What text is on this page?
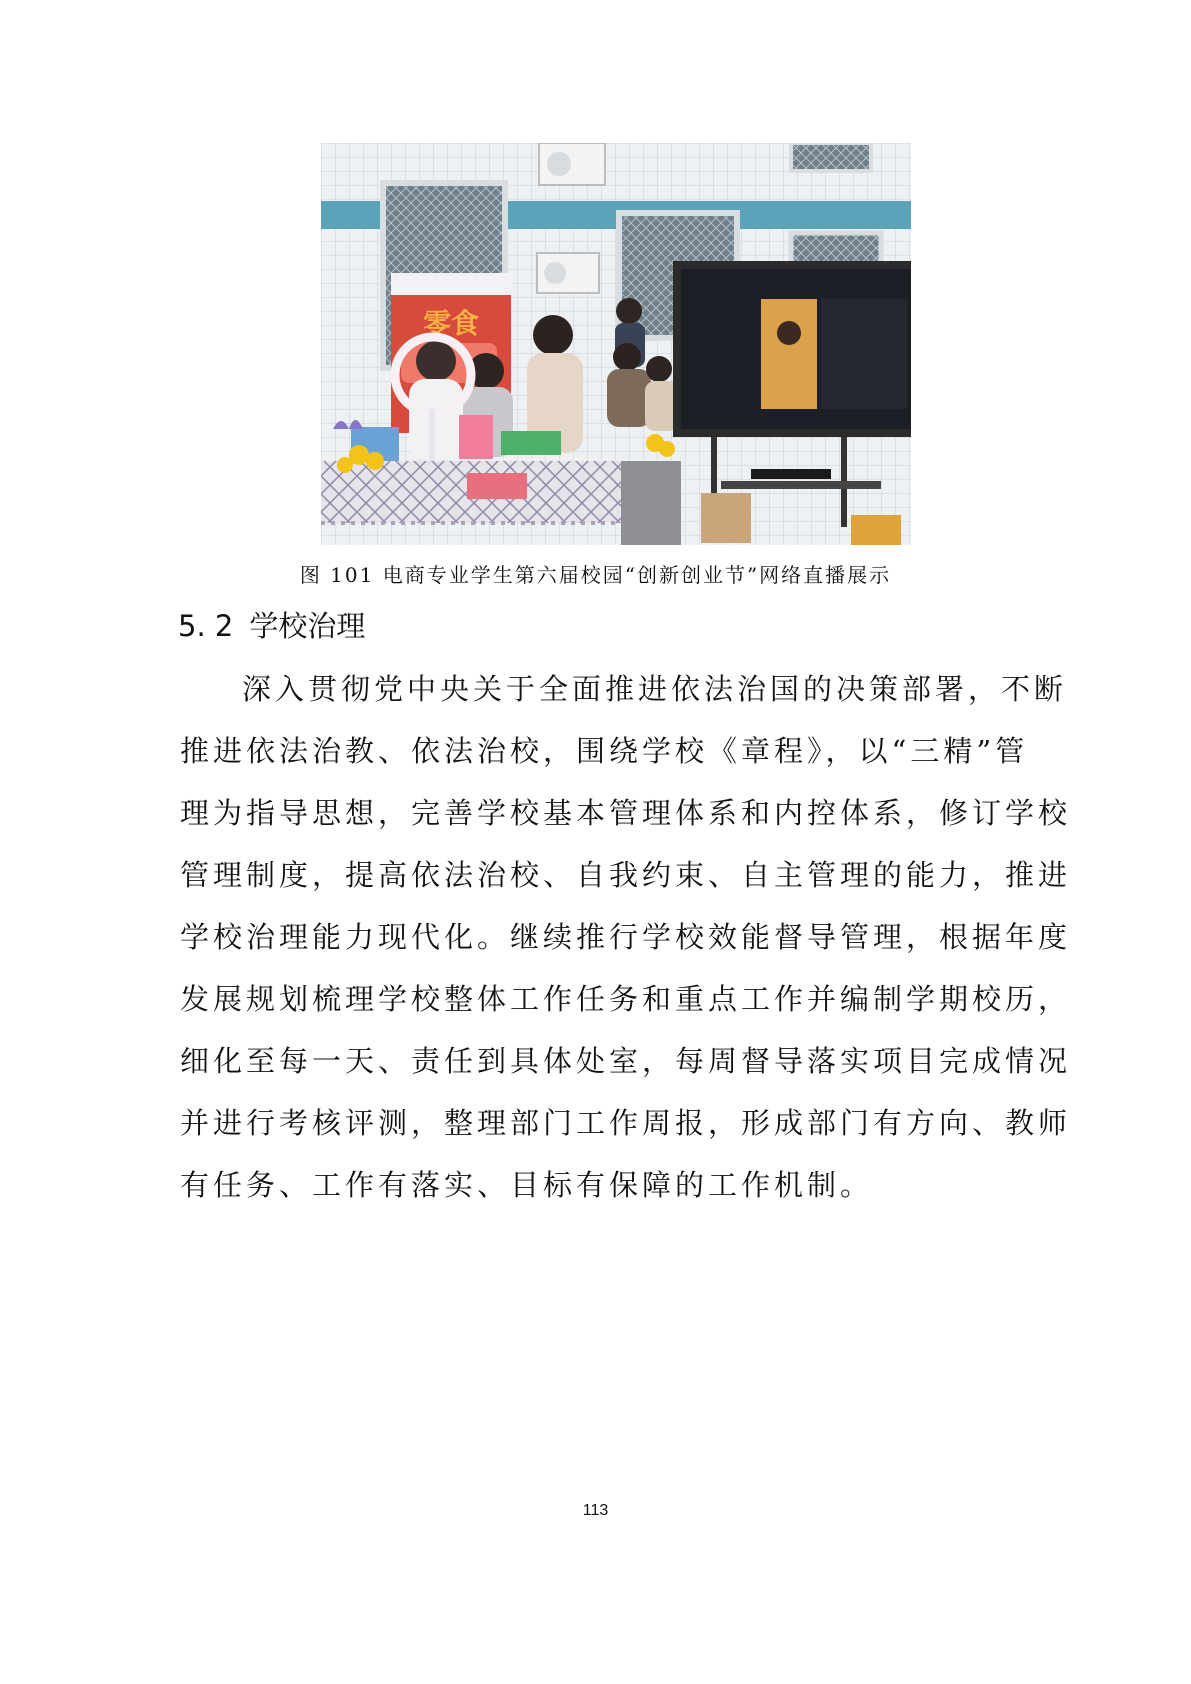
零食
图 101 电商专业学生第六届校园“创新创业节”网络直播展示
5. 2 学校治理
深入贯彻党中央关于全面推进依法治国的决策部署，不断
推进依法治教、依法治校，围绕学校《章程》，以“三精”管
理为指导思想，完善学校基本管理体系和内控体系，修订学校
管理制度，提高依法治校、自我约束、自主管理的能力，推进
学校治理能力现代化。继续推行学校效能督导管理，根据年度
发展规划梳理学校整体工作任务和重点工作并编制学期校历，
细化至每一天、责任到具体处室，每周督导落实项目完成情况
并进行考核评测，整理部门工作周报，形成部门有方向、教师
有任务、工作有落实、目标有保障的工作机制。
113
